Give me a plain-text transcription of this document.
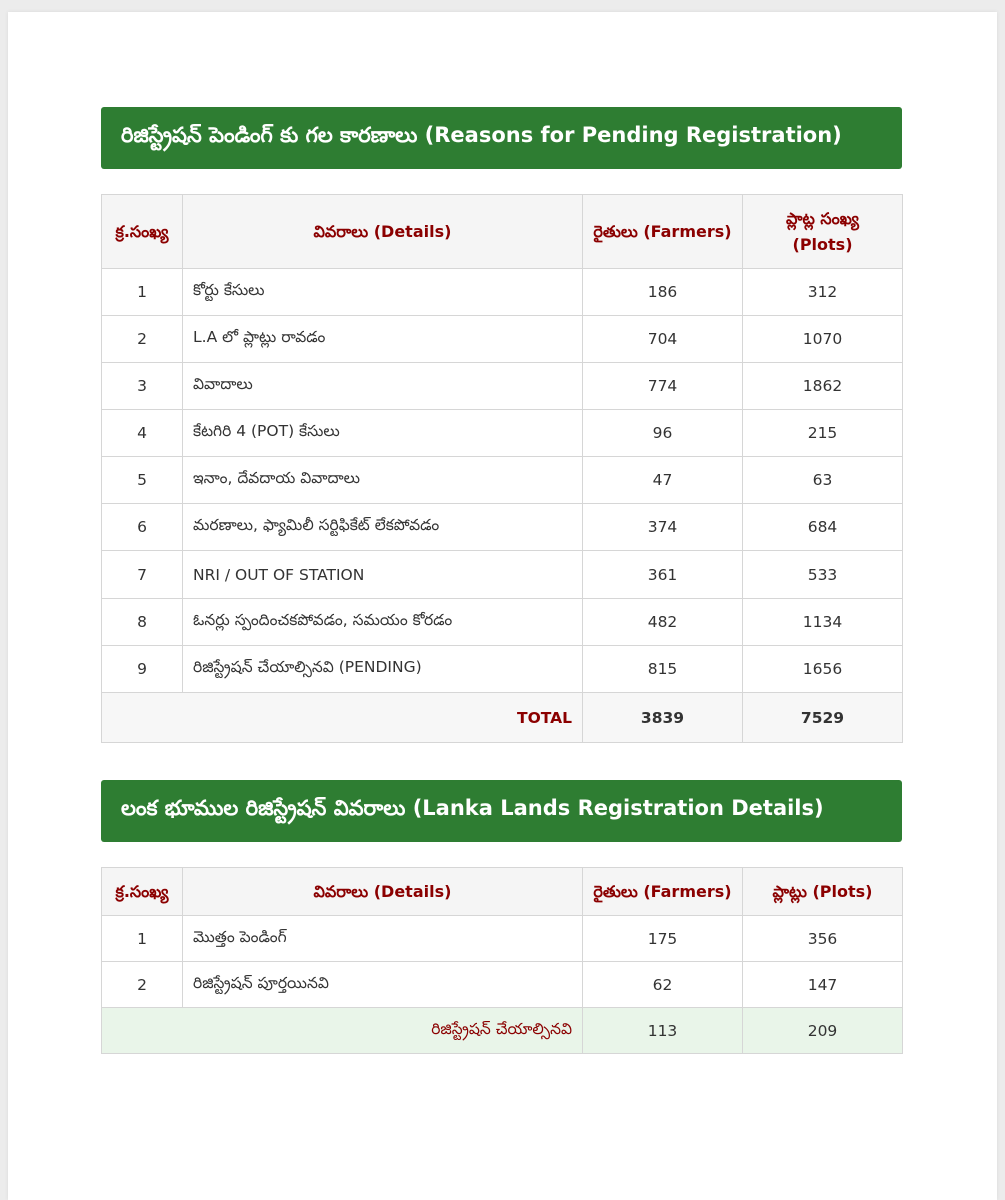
రిజిస్ట్రేషన్ పెండింగ్ కు గల కారణాలు (Reasons for Pending Registration)
క్ర.సంఖ్య	వివరాలు (Details)	రైతులు (Farmers)	ప్లాట్ల సంఖ్య (Plots)
1	కోర్టు కేసులు	186	312
2	L.A లో ప్లాట్లు రావడం	704	1070
3	వివాదాలు	774	1862
4	కేటగిరి 4 (POT) కేసులు	96	215
5	ఇనాం, దేవదాయ వివాదాలు	47	63
6	మరణాలు, ఫ్యామిలీ సర్టిఫికేట్ లేకపోవడం	374	684
7	NRI / OUT OF STATION	361	533
8	ఓనర్లు స్పందించకపోవడం, సమయం కోరడం	482	1134
9	రిజిస్ట్రేషన్ చేయాల్సినవి (PENDING)	815	1656
TOTAL		3839	7529
లంక భూముల రిజిస్ట్రేషన్ వివరాలు (Lanka Lands Registration Details)
క్ర.సంఖ్య	వివరాలు (Details)	రైతులు (Farmers)	ప్లాట్లు (Plots)
1	మొత్తం పెండింగ్	175	356
2	రిజిస్ట్రేషన్ పూర్తయినవి	62	147
రిజిస్ట్రేషన్ చేయాల్సినవి		113	209
